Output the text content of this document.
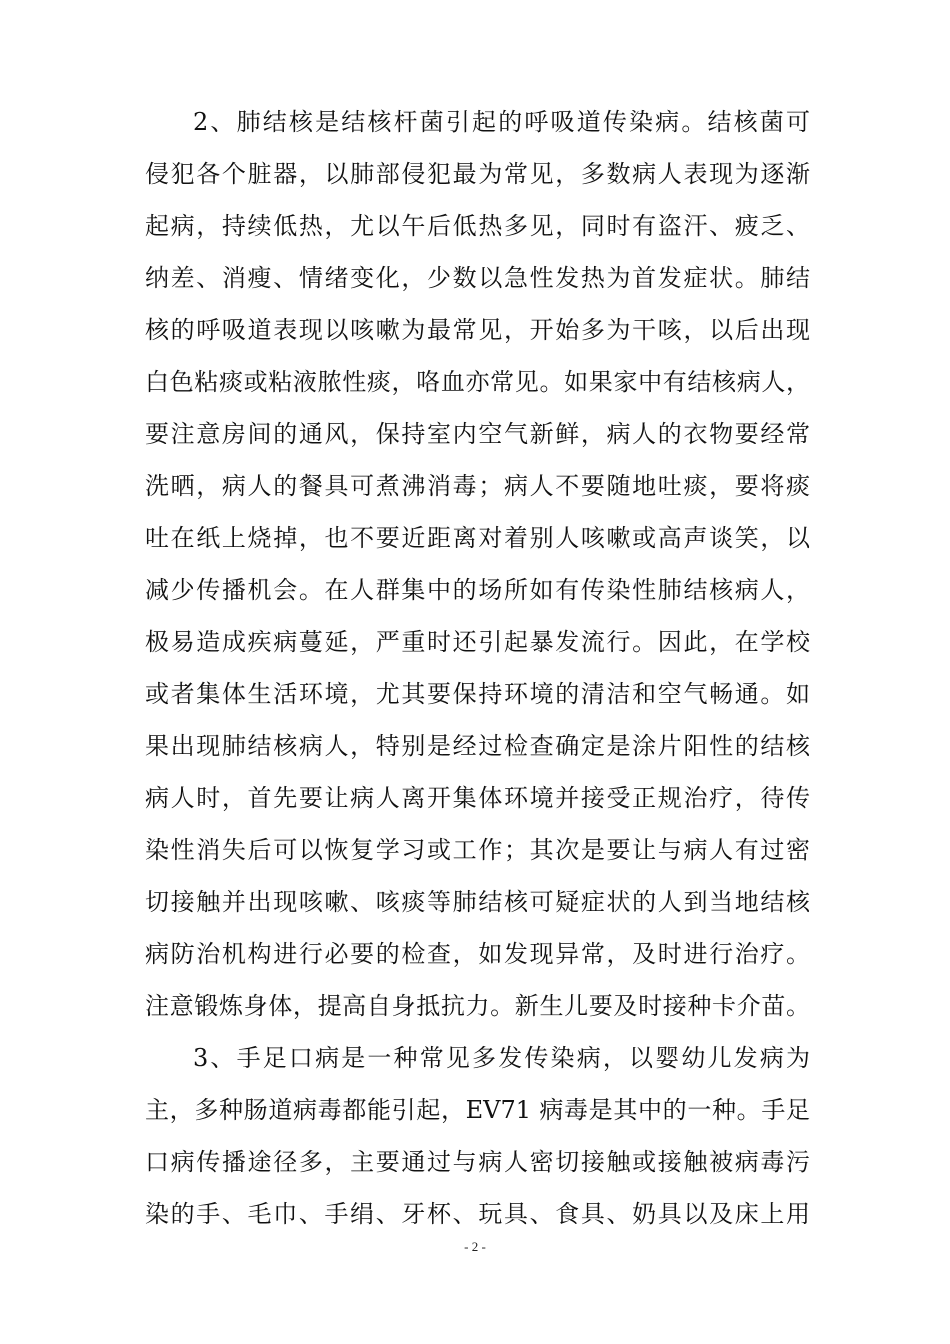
2、肺结核是结核杆菌引起的呼吸道传染病。结核菌可
侵犯各个脏器，以肺部侵犯最为常见，多数病人表现为逐渐
起病，持续低热，尤以午后低热多见，同时有盗汗、疲乏、
纳差、消瘦、情绪变化，少数以急性发热为首发症状。肺结
核的呼吸道表现以咳嗽为最常见，开始多为干咳，以后出现
白色粘痰或粘液脓性痰，咯血亦常见。如果家中有结核病人，
要注意房间的通风，保持室内空气新鲜，病人的衣物要经常
洗晒，病人的餐具可煮沸消毒；病人不要随地吐痰，要将痰
吐在纸上烧掉，也不要近距离对着别人咳嗽或高声谈笑，以
减少传播机会。在人群集中的场所如有传染性肺结核病人，
极易造成疾病蔓延，严重时还引起暴发流行。因此，在学校
或者集体生活环境，尤其要保持环境的清洁和空气畅通。如
果出现肺结核病人，特别是经过检查确定是涂片阳性的结核
病人时，首先要让病人离开集体环境并接受正规治疗，待传
染性消失后可以恢复学习或工作；其次是要让与病人有过密
切接触并出现咳嗽、咳痰等肺结核可疑症状的人到当地结核
病防治机构进行必要的检查，如发现异常，及时进行治疗。
注意锻炼身体，提高自身抵抗力。新生儿要及时接种卡介苗。
3、手足口病是一种常见多发传染病，以婴幼儿发病为
主，多种肠道病毒都能引起，EV71 病毒是其中的一种。手足
口病传播途径多，主要通过与病人密切接触或接触被病毒污
染的手、毛巾、手绢、牙杯、玩具、食具、奶具以及床上用
- 2 -
